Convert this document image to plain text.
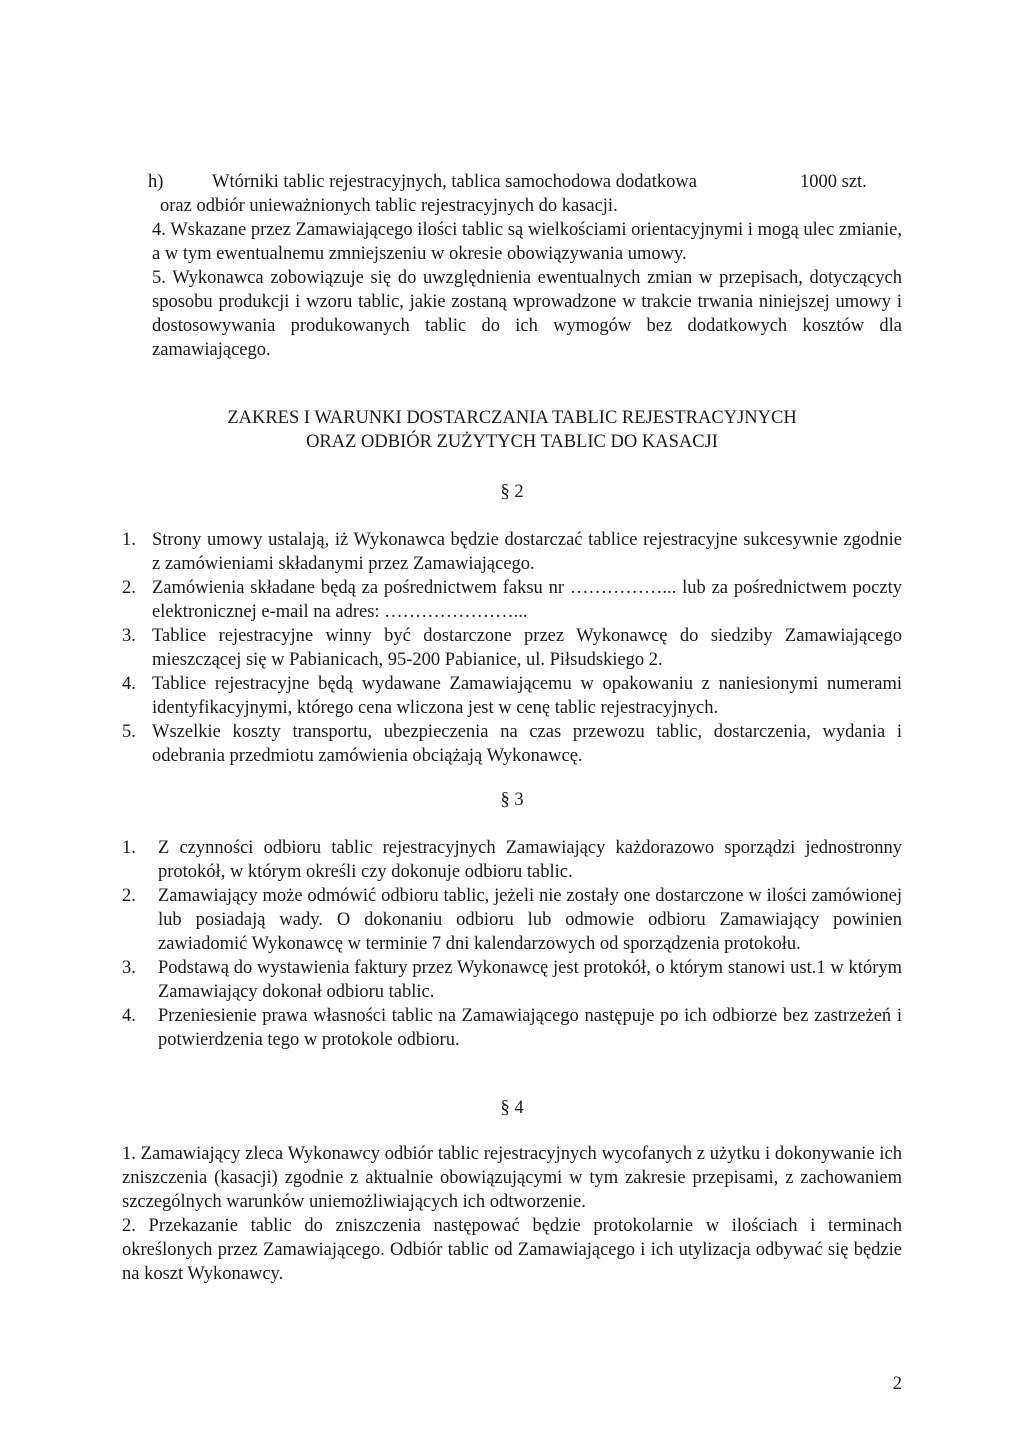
h)	Wtórniki tablic rejestracyjnych, tablica samochodowa dodatkowa	1000 szt.
oraz odbiór unieważnionych tablic rejestracyjnych do kasacji.

4. Wskazane przez Zamawiającego ilości tablic są wielkościami orientacyjnymi i mogą ulec zmianie, a w tym ewentualnemu zmniejszeniu w okresie obowiązywania umowy.

5. Wykonawca zobowiązuje się do uwzględnienia ewentualnych zmian w przepisach, dotyczących sposobu produkcji i wzoru tablic, jakie zostaną wprowadzone w trakcie trwania niniejszej umowy i dostosowywania produkowanych tablic do ich wymogów bez dodatkowych kosztów dla zamawiającego.

ZAKRES I WARUNKI DOSTARCZANIA TABLIC REJESTRACYJNYCH
ORAZ ODBIÓR ZUŻYTYCH TABLIC DO KASACJI
§ 2
1. Strony umowy ustalają, iż Wykonawca będzie dostarczać tablice rejestracyjne sukcesywnie zgodnie z zamówieniami składanymi przez Zamawiającego.
2. Zamówienia składane będą za pośrednictwem faksu nr ……………... lub za pośrednictwem poczty elektronicznej e-mail na adres: …………………...
3. Tablice rejestracyjne winny być dostarczone przez Wykonawcę do siedziby Zamawiającego mieszczącej się w Pabianicach, 95-200 Pabianice, ul. Piłsudskiego 2.
4. Tablice rejestracyjne będą wydawane Zamawiającemu w opakowaniu z naniesionymi numerami identyfikacyjnymi, którego cena wliczona jest w cenę tablic rejestracyjnych.
5. Wszelkie koszty transportu, ubezpieczenia na czas przewozu tablic, dostarczenia, wydania i odebrania przedmiotu zamówienia obciążają Wykonawcę.
§ 3
1. Z czynności odbioru tablic rejestracyjnych Zamawiający każdorazowo sporządzi jednostronny protokół, w którym określi czy dokonuje odbioru tablic.
2. Zamawiający może odmówić odbioru tablic, jeżeli nie zostały one dostarczone w ilości zamówionej lub posiadają wady. O dokonaniu odbioru lub odmowie odbioru Zamawiający powinien zawiadomić Wykonawcę w terminie 7 dni kalendarzowych od sporządzenia protokołu.
3. Podstawą do wystawienia faktury przez Wykonawcę jest protokół, o którym stanowi ust.1 w którym Zamawiający dokonał odbioru tablic.
4. Przeniesienie prawa własności tablic na Zamawiającego następuje po ich odbiorze bez zastrzeżeń i potwierdzenia tego w protokole odbioru.
§ 4

1. Zamawiający zleca Wykonawcy odbiór tablic rejestracyjnych wycofanych z użytku i dokonywanie ich zniszczenia (kasacji) zgodnie z aktualnie obowiązującymi w tym zakresie przepisami, z zachowaniem szczególnych warunków uniemożliwiających ich odtworzenie.

2. Przekazanie tablic do zniszczenia następować będzie protokolarnie w ilościach i terminach określonych przez Zamawiającego. Odbiór tablic od Zamawiającego i ich utylizacja odbywać się będzie na koszt Wykonawcy.

2
